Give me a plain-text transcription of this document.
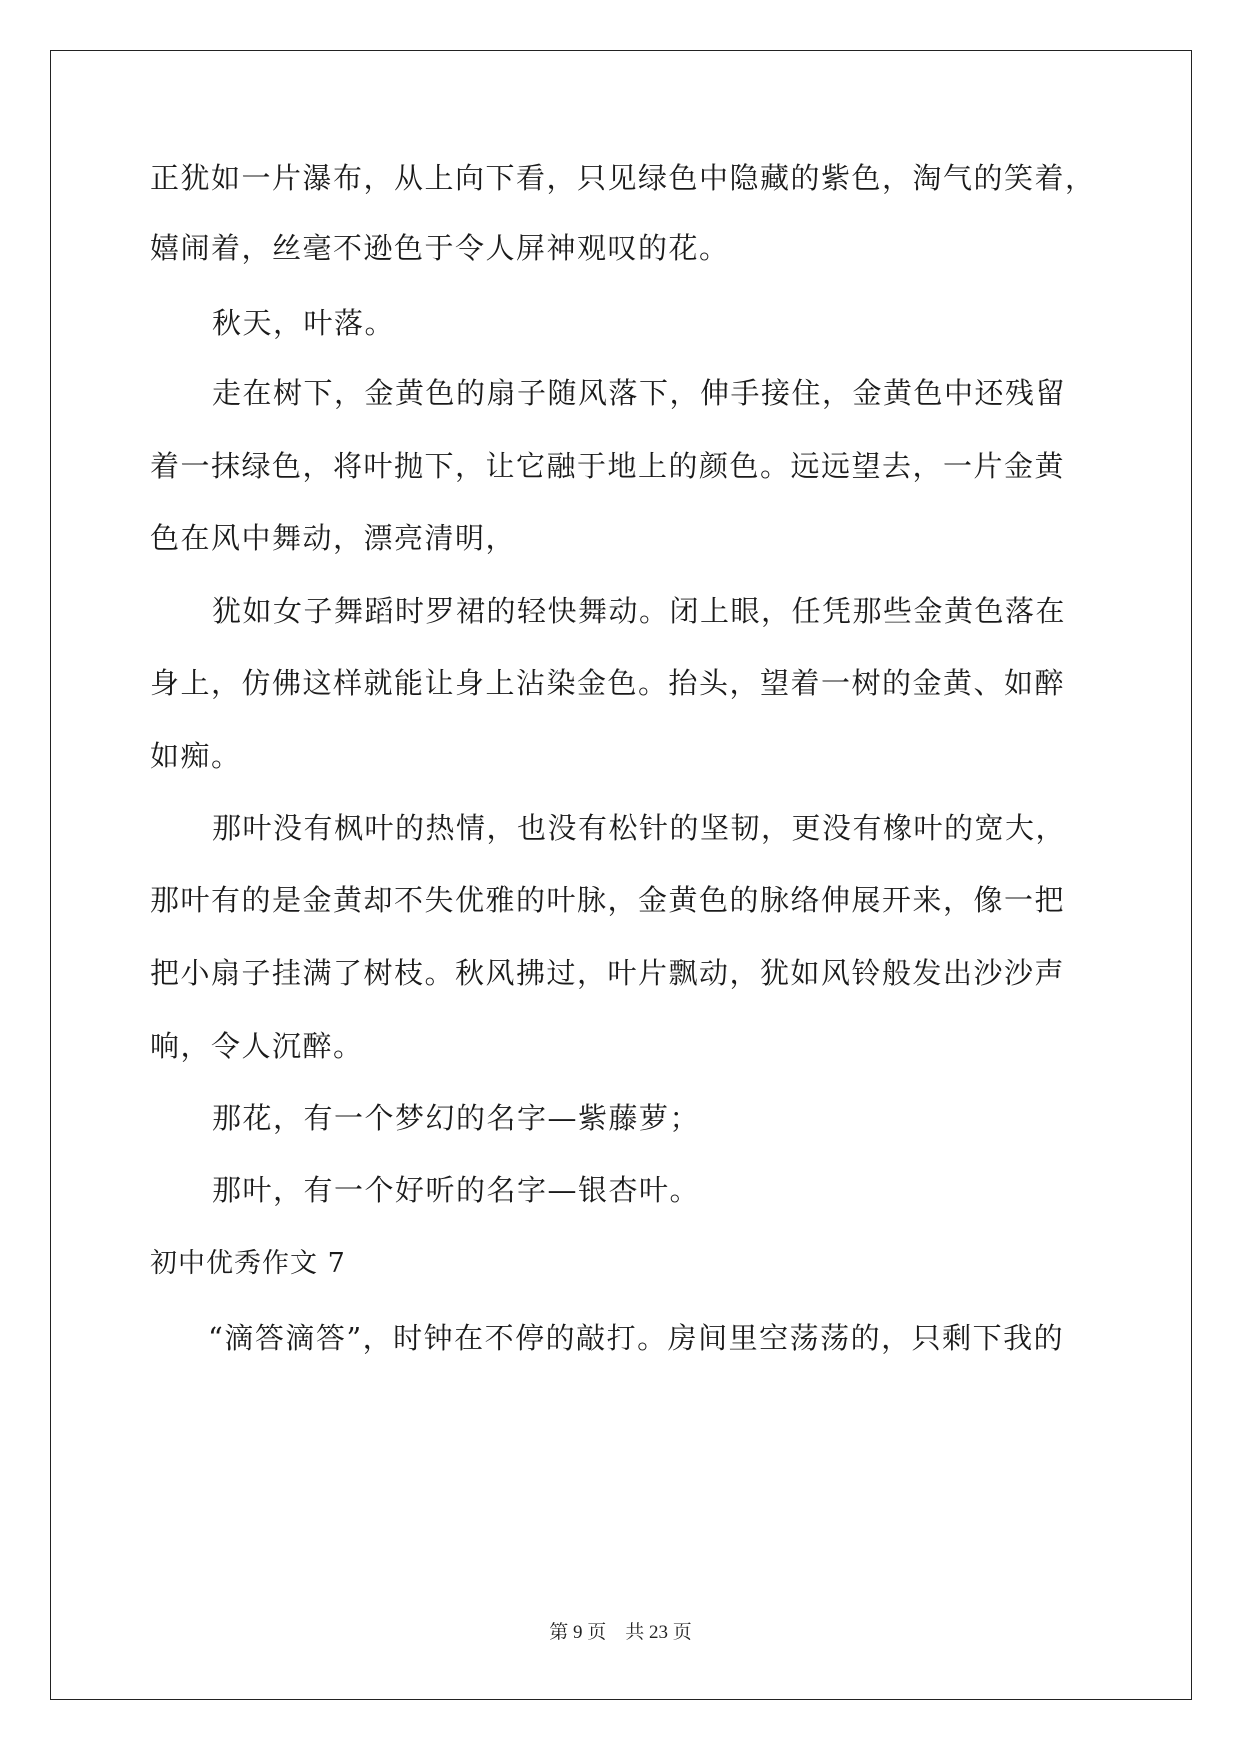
正犹如一片瀑布，从上向下看，只见绿色中隐藏的紫色，淘气的笑着，
嬉闹着，丝毫不逊色于令人屏神观叹的花。
秋天，叶落。
走在树下，金黄色的扇子随风落下，伸手接住，金黄色中还残留
着一抹绿色，将叶抛下，让它融于地上的颜色。远远望去，一片金黄
色在风中舞动，漂亮清明，
犹如女子舞蹈时罗裙的轻快舞动。闭上眼，任凭那些金黄色落在
身上，仿佛这样就能让身上沾染金色。抬头，望着一树的金黄、如醉
如痴。
那叶没有枫叶的热情，也没有松针的坚韧，更没有橡叶的宽大，
那叶有的是金黄却不失优雅的叶脉，金黄色的脉络伸展开来，像一把
把小扇子挂满了树枝。秋风拂过，叶片飘动，犹如风铃般发出沙沙声
响，令人沉醉。
那花，有一个梦幻的名字—紫藤萝；
那叶，有一个好听的名字—银杏叶。
初中优秀作文 7
“滴答滴答”，时钟在不停的敲打。房间里空荡荡的，只剩下我的
第 9 页    共 23 页
